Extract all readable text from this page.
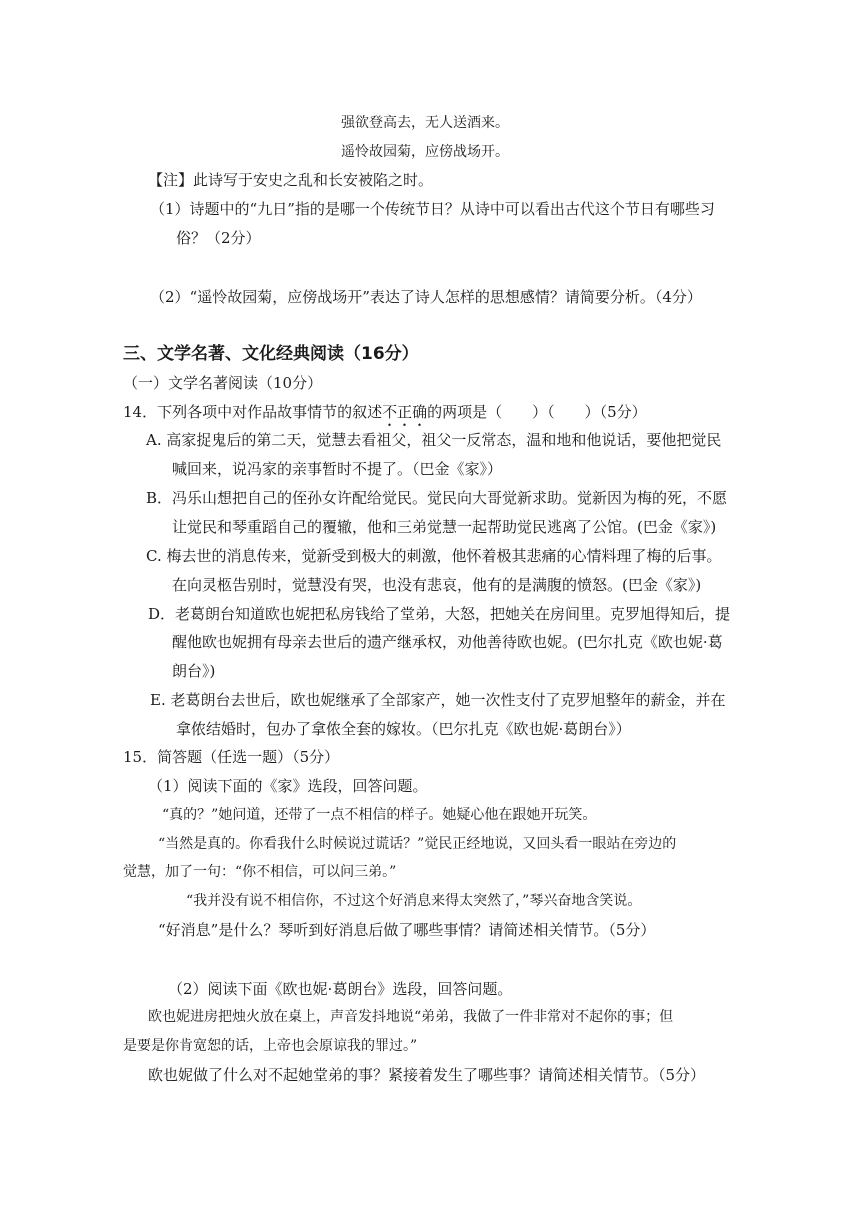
强欲登高去，无人送酒来。
遥怜故园菊，应傍战场开。
【注】此诗写于安史之乱和长安被陷之时。
（1）诗题中的“九日”指的是哪一个传统节日？从诗中可以看出古代这个节日有哪些习
俗？（2分）
（2）“遥怜故园菊，应傍战场开”表达了诗人怎样的思想感情？请简要分析。（4分）
三、文学名著、文化经典阅读（16分）
（一）文学名著阅读（10分）
14．下列各项中对作品故事情节的叙述不正确的两项是（　　）（　　）（5分）
A. 高家捉鬼后的第二天，觉慧去看祖父，祖父一反常态，温和地和他说话，要他把觉民
喊回来，说冯家的亲事暂时不提了。（巴金《家》）
B．冯乐山想把自己的侄孙女许配给觉民。觉民向大哥觉新求助。觉新因为梅的死，不愿
让觉民和琴重蹈自己的覆辙，他和三弟觉慧一起帮助觉民逃离了公馆。(巴金《家》)
C. 梅去世的消息传来，觉新受到极大的刺激，他怀着极其悲痛的心情料理了梅的后事。
在向灵柩告别时，觉慧没有哭，也没有悲哀，他有的是满腹的愤怒。(巴金《家》)
D．老葛朗台知道欧也妮把私房钱给了堂弟，大怒，把她关在房间里。克罗旭得知后，提
醒他欧也妮拥有母亲去世后的遗产继承权，劝他善待欧也妮。(巴尔扎克《欧也妮·葛
朗台》)
E. 老葛朗台去世后，欧也妮继承了全部家产，她一次性支付了克罗旭整年的薪金，并在
拿侬结婚时，包办了拿侬全套的嫁妆。（巴尔扎克《欧也妮·葛朗台》）
15．简答题（任选一题）（5分）
（1）阅读下面的《家》选段，回答问题。
“真的？”她问道，还带了一点不相信的样子。她疑心他在跟她开玩笑。
“当然是真的。你看我什么时候说过谎话？”觉民正经地说，又回头看一眼站在旁边的
觉慧，加了一句：“你不相信，可以问三弟。”
“我并没有说不相信你，不过这个好消息来得太突然了，”琴兴奋地含笑说。
“好消息”是什么？琴听到好消息后做了哪些事情？请简述相关情节。（5分）
（2）阅读下面《欧也妮·葛朗台》选段，回答问题。
欧也妮进房把烛火放在桌上，声音发抖地说“弟弟，我做了一件非常对不起你的事；但
是要是你肯宽恕的话，上帝也会原谅我的罪过。”
欧也妮做了什么对不起她堂弟的事？紧接着发生了哪些事？请简述相关情节。（5分）
